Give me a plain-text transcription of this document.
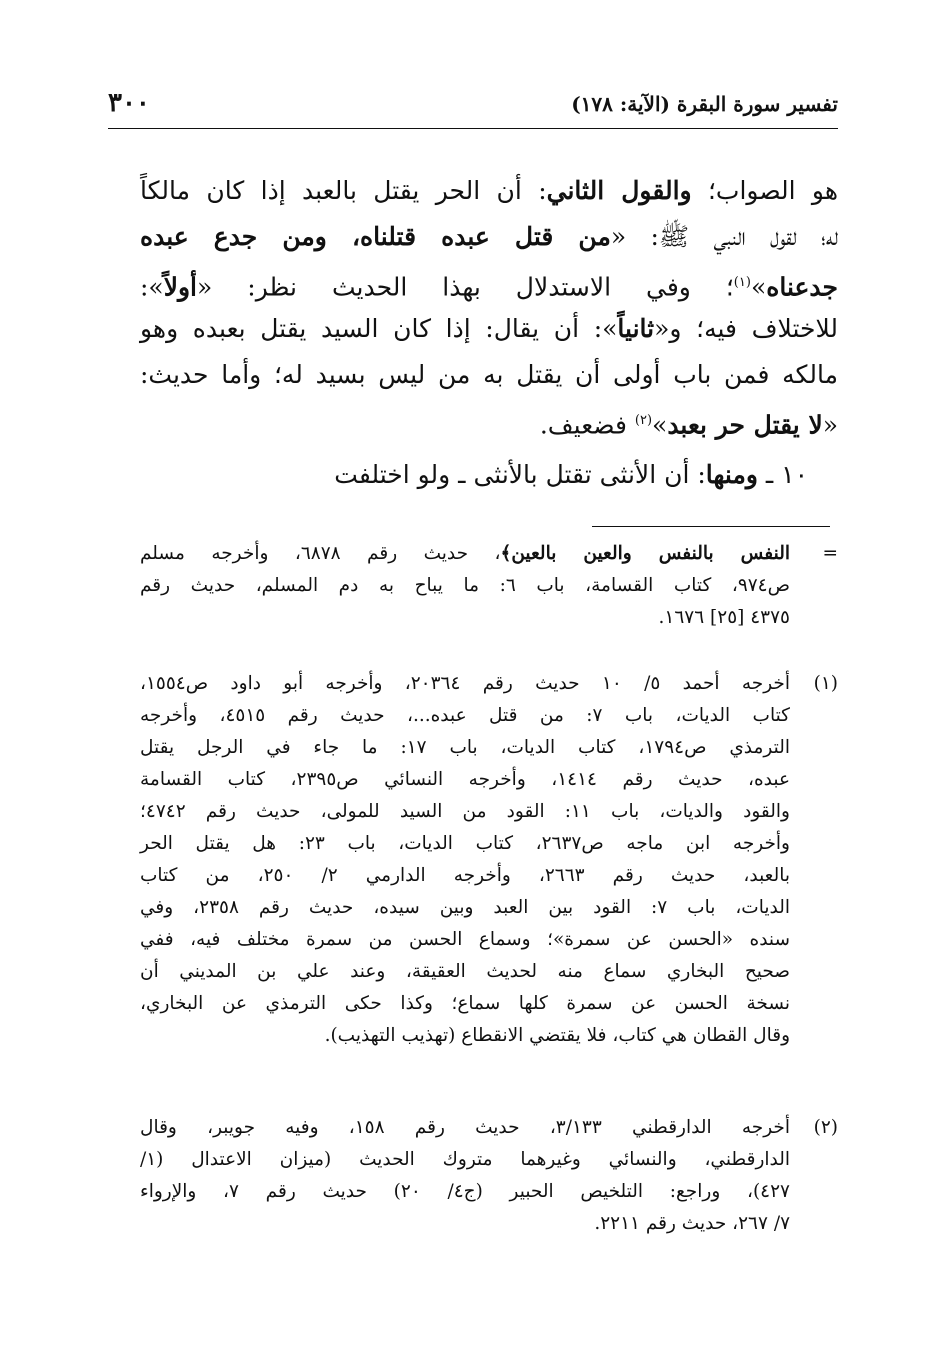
٣٠٠	تفسير سورة البقرة (الآية: ١٧٨)
هو الصواب؛ والقول الثاني: أن الحر يقتل بالعبد إذا كان مالكاً
له؛ لقول النبي ﷺ: «من قتل عبده قتلناه، ومن جدع عبده
جدعناه»$^{(١)}$؛ وفي الاستدلال بهذا الحديث نظر: «أولاً»:
للاختلاف فيه؛ و«ثانياً»: أن يقال: إذا كان السيد يقتل بعبده وهو
مالكه فمن باب أولى أن يقتل به من ليس بسيد له؛ وأما حديث:
«لا يقتل حر بعبد»$^{(٢)}$ فضعيف.
١٠ ـ ومنها: أن الأنثى تقتل بالأنثى ـ ولو اختلفت
=
النفس بالنفس والعين بالعين﴾، حديث رقم ٦٨٧٨، وأخرجه مسلم
ص٩٧٤، كتاب القسامة، باب ٦: ما يباح به دم المسلم، حديث رقم
٤٣٧٥ [٢٥] ١٦٧٦.
(١)
أخرجه أحمد ٥/ ١٠ حديث رقم ٢٠٣٦٤، وأخرجه أبو داود ص١٥٥٤،
كتاب الديات، باب ٧: من قتل عبده...، حديث رقم ٤٥١٥، وأخرجه
الترمذي ص١٧٩٤، كتاب الديات، باب ١٧: ما جاء في الرجل يقتل
عبده، حديث رقم ١٤١٤، وأخرجه النسائي ص٢٣٩٥، كتاب القسامة
والقود والديات، باب ١١: القود من السيد للمولى، حديث رقم ٤٧٤٢؛
وأخرجه ابن ماجه ص٢٦٣٧، كتاب الديات، باب ٢٣: هل يقتل الحر
بالعبد، حديث رقم ٢٦٦٣، وأخرجه الدارمي ٢/ ٢٥٠، من كتاب
الديات، باب ٧: القود بين العبد وبين سيده، حديث رقم ٢٣٥٨، وفي
سنده «الحسن عن سمرة»؛ وسماع الحسن من سمرة مختلف فيه، ففي
صحيح البخاري سماع منه لحديث العقيقة، وعند علي بن المديني أن
نسخة الحسن عن سمرة كلها سماع؛ وكذا حكى الترمذي عن البخاري،
وقال القطان هي كتاب، فلا يقتضي الانقطاع (تهذيب التهذيب).
(٢)
أخرجه الدارقطني ٣/١٣٣، حديث رقم ١٥٨، وفيه جويبر، وقال
الدارقطني، والنسائي وغيرهما متروك الحديث (ميزان الاعتدال (١/
٤٢٧)، وراجع: التلخيص الحبير (ج٤/ ٢٠) حديث رقم ٧، والإرواء
٧/ ٢٦٧، حديث رقم ٢٢١١.
